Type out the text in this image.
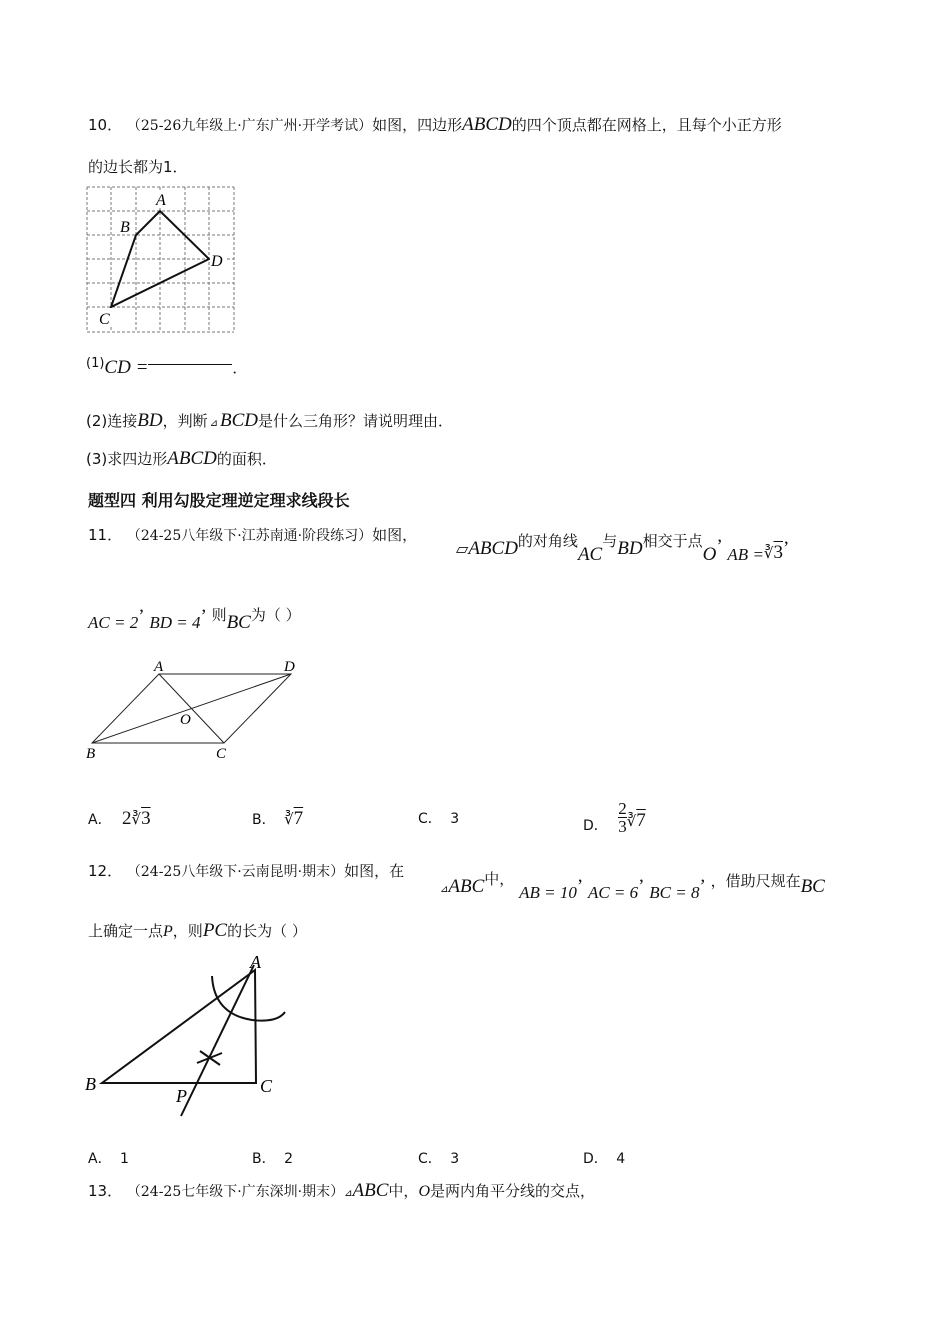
10． （25-26九年级上·广东广州·开学考试）如图，四边形ABCD的四个顶点都在网格上，且每个小正方形
的边长都为1．
A
B
C
D
(1)CD =	．
(2)连接BD，判断 ⊿ BCD是什么三角形？请说明理由．
(3)求四边形ABCD的面积．
题型四 利用勾股定理逆定理求线段长
11． （24-25八年级下·江苏南通·阶段练习）如图，
▱ABCD的对角线AC与BD相交于点O’ AB =∛3’
AC = 2’ BD = 4’ 则BC为（ ）
A	D
B	C
O
A． 2∛3	B． ∛7	C． 3	D． $\frac{2}{3}$ ∛7
12． （24-25八年级下·云南昆明·期末）如图，在
⊿ABC中， AB = 10’ AC = 6’ BC = 8’ ，借助尺规在BC
上确定一点P，则PC的长为（ ）
A
B	C
P
A． 1	B． 2	C． 3	D． 4
13． （24-25七年级下·广东深圳·期末）⊿ABC中，O是两内角平分线的交点，
